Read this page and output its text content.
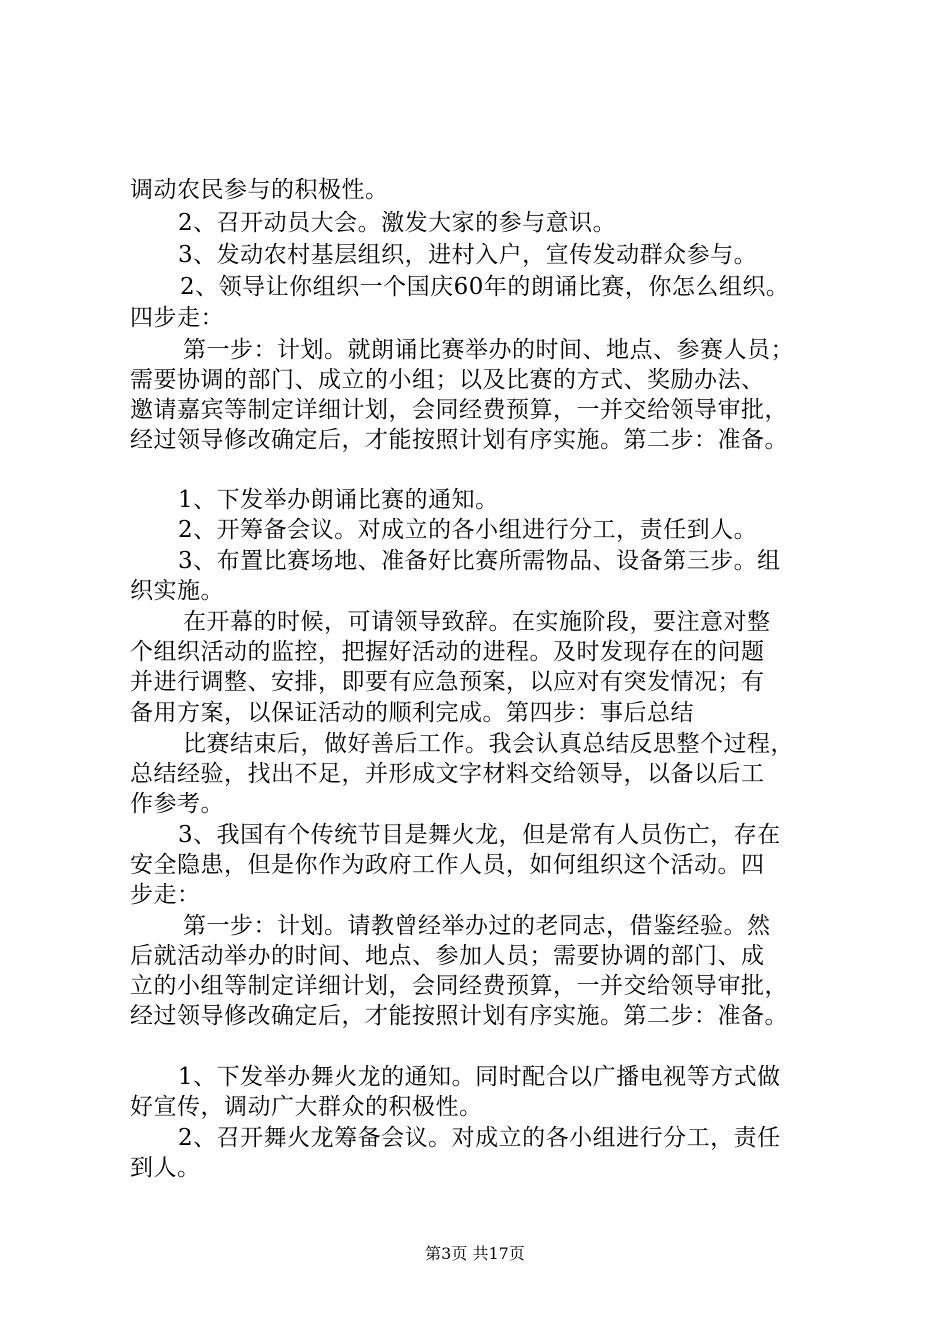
调动农民参与的积极性。
2、召开动员大会。激发大家的参与意识。
3、发动农村基层组织，进村入户，宣传发动群众参与。
2、领导让你组织一个国庆60年的朗诵比赛，你怎么组织。
四步走：
第一步：计划。就朗诵比赛举办的时间、地点、参赛人员；
需要协调的部门、成立的小组；以及比赛的方式、奖励办法、
邀请嘉宾等制定详细计划，会同经费预算，一并交给领导审批，
经过领导修改确定后，才能按照计划有序实施。第二步：准备。
1、下发举办朗诵比赛的通知。
2、开筹备会议。对成立的各小组进行分工，责任到人。
3、布置比赛场地、准备好比赛所需物品、设备第三步。组
织实施。
在开幕的时候，可请领导致辞。在实施阶段，要注意对整
个组织活动的监控，把握好活动的进程。及时发现存在的问题
并进行调整、安排，即要有应急预案，以应对有突发情况；有
备用方案，以保证活动的顺利完成。第四步：事后总结
比赛结束后，做好善后工作。我会认真总结反思整个过程，
总结经验，找出不足，并形成文字材料交给领导，以备以后工
作参考。
3、我国有个传统节目是舞火龙，但是常有人员伤亡，存在
安全隐患，但是你作为政府工作人员，如何组织这个活动。四
步走：
第一步：计划。请教曾经举办过的老同志，借鉴经验。然
后就活动举办的时间、地点、参加人员；需要协调的部门、成
立的小组等制定详细计划，会同经费预算，一并交给领导审批，
经过领导修改确定后，才能按照计划有序实施。第二步：准备。
1、下发举办舞火龙的通知。同时配合以广播电视等方式做
好宣传，调动广大群众的积极性。
2、召开舞火龙筹备会议。对成立的各小组进行分工，责任
到人。
第3页 共17页
